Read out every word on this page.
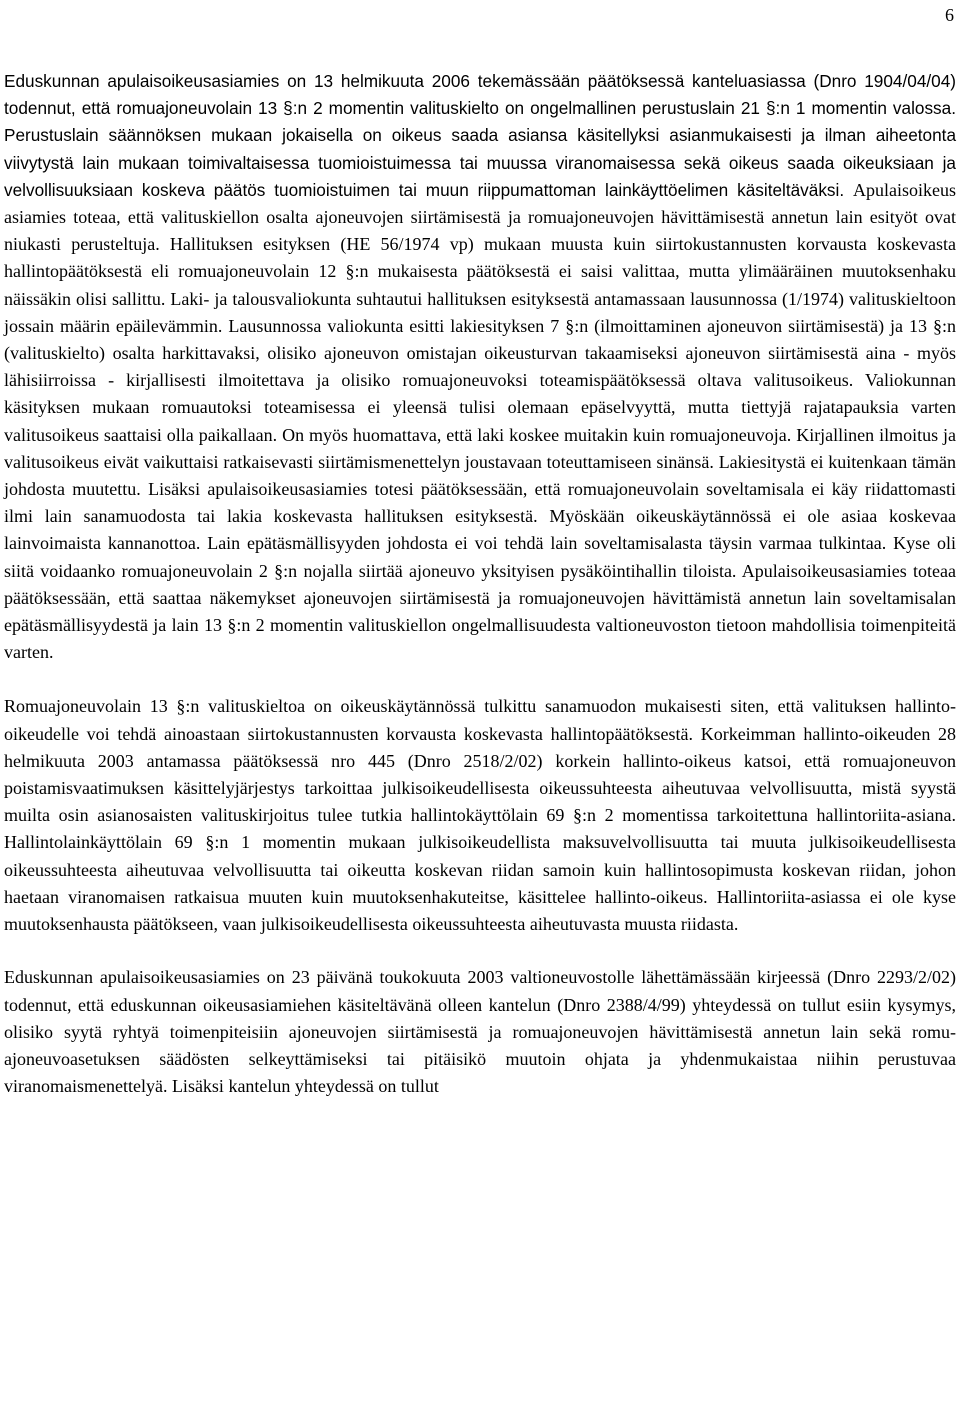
6

Eduskunnan apulaisoikeusasiamies on 13 helmikuuta 2006 tekemässään päätöksessä kanteluasiassa (Dnro 1904/04/04) todennut, että romuajoneuvolain 13 §:n 2 momentin valituskielto on ongelmallinen perustuslain 21 §:n 1 momentin valossa. Perustuslain säännöksen mukaan jokaisella on oikeus saada asiansa käsitellyksi asianmukaisesti ja ilman aiheetonta viivytystä lain mukaan toimivaltaisessa tuomioistuimessa tai muussa viranomaisessa sekä oikeus saada oikeuksiaan ja velvollisuuksiaan koskeva päätös tuomioistuimen tai muun riippumattoman lainkäyttöelimen käsiteltäväksi. Apulaisoikeus asiamies toteaa, että valituskiellon osalta ajoneuvojen siirtämisestä ja romuajoneuvojen hävittämisestä annetun lain esityöt ovat niukasti perusteltuja. Hallituksen esityksen (HE 56/1974 vp) mukaan muusta kuin siirtokustannusten korvausta koskevasta hallintopäätöksestä eli romuajoneuvolain 12 §:n mukaisesta päätöksestä ei saisi valittaa, mutta ylimääräinen muutoksenhaku näissäkin olisi sallittu. Laki- ja talousvaliokunta suhtautui hallituksen esityksestä antamassaan lausunnossa (1/1974) valituskieltoon jossain määrin epäilevämmin. Lausunnossa valiokunta esitti lakiesityksen 7 §:n (ilmoittaminen ajoneuvon siirtämisestä) ja 13 §:n (valituskielto) osalta harkittavaksi, olisiko ajoneuvon omistajan oikeusturvan takaamiseksi ajoneuvon siirtämisestä aina - myös lähisiirroissa - kirjallisesti ilmoitettava ja olisiko romuajoneuvoksi toteamispäätöksessä oltava valitusoikeus. Valiokunnan käsityksen mukaan romuautoksi toteamisessa ei yleensä tulisi olemaan epäselvyyttä, mutta tiettyjä rajatapauksia varten valitusoikeus saattaisi olla paikallaan. On myös huomattava, että laki koskee muitakin kuin romuajoneuvoja. Kirjallinen ilmoitus ja valitusoikeus eivät vaikuttaisi ratkaisevasti siirtämismenettelyn joustavaan toteuttamiseen sinänsä. Lakiesitystä ei kuitenkaan tämän johdosta muutettu. Lisäksi apulaisoikeusasiamies totesi päätöksessään, että romuajoneuvolain soveltamisala ei käy riidattomasti ilmi lain sanamuodosta tai lakia koskevasta hallituksen esityksestä. Myöskään oikeuskäytännössä ei ole asiaa koskevaa lainvoimaista kannanottoa. Lain epätäsmällisyyden johdosta ei voi tehdä lain soveltamisalasta täysin varmaa tulkintaa. Kyse oli siitä voidaanko romuajoneuvolain 2 §:n nojalla siirtää ajoneuvo yksityisen pysäköintihallin tiloista. Apulaisoikeusasiamies toteaa päätöksessään, että saattaa näkemykset ajoneuvojen siirtämisestä ja romuajoneuvojen hävittämistä annetun lain soveltamisalan epätäsmällisyydestä ja lain 13 §:n 2 momentin valituskiellon ongelmallisuudesta valtioneuvoston tietoon mahdollisia toimenpiteitä varten.

Romuajoneuvolain 13 §:n valituskieltoa on oikeuskäytännössä tulkittu sanamuodon mukaisesti siten, että valituksen hallinto-oikeudelle voi tehdä ainoastaan siirtokustannusten korvausta koskevasta hallintopäätöksestä. Korkeimman hallinto-oikeuden 28 helmikuuta 2003 antamassa päätöksessä nro 445 (Dnro 2518/2/02) korkein hallinto-oikeus katsoi, että romuajoneuvon poistamisvaatimuksen käsittelyjärjestys tarkoittaa julkisoikeudellisesta oikeussuhteesta aiheutuvaa velvollisuutta, mistä syystä muilta osin asianosaisten valituskirjoitus tulee tutkia hallintokäyttölain 69 §:n 2 momentissa tarkoitettuna hallintoriita-asiana. Hallintolainkäyttölain 69 §:n 1 momentin mukaan julkisoikeudellista maksuvelvollisuutta tai muuta julkisoikeudellisesta oikeussuhteesta aiheutuvaa velvollisuutta tai oikeutta koskevan riidan samoin kuin hallintosopimusta koskevan riidan, johon haetaan viranomaisen ratkaisua muuten kuin muutoksenhakuteitse, käsittelee hallinto-oikeus. Hallintoriita-asiassa ei ole kyse muutoksenhausta päätökseen, vaan julkisoikeudellisesta oikeussuhteesta aiheutuvasta muusta riidasta.

Eduskunnan apulaisoikeusasiamies on 23 päivänä toukokuuta 2003 valtioneuvostolle lähettämässään kirjeessä (Dnro 2293/2/02) todennut, että eduskunnan oikeusasiamiehen käsiteltävänä olleen kantelun (Dnro 2388/4/99) yhteydessä on tullut esiin kysymys, olisiko syytä ryhtyä toimenpiteisiin ajoneuvojen siirtämisestä ja romuajoneuvojen hävittämisestä annetun lain sekä romu-ajoneuvoasetuksen säädösten selkeyttämiseksi tai pitäisikö muutoin ohjata ja yhdenmukaistaa niihin perustuvaa viranomaismenettelyä. Lisäksi kantelun yhteydessä on tullut
